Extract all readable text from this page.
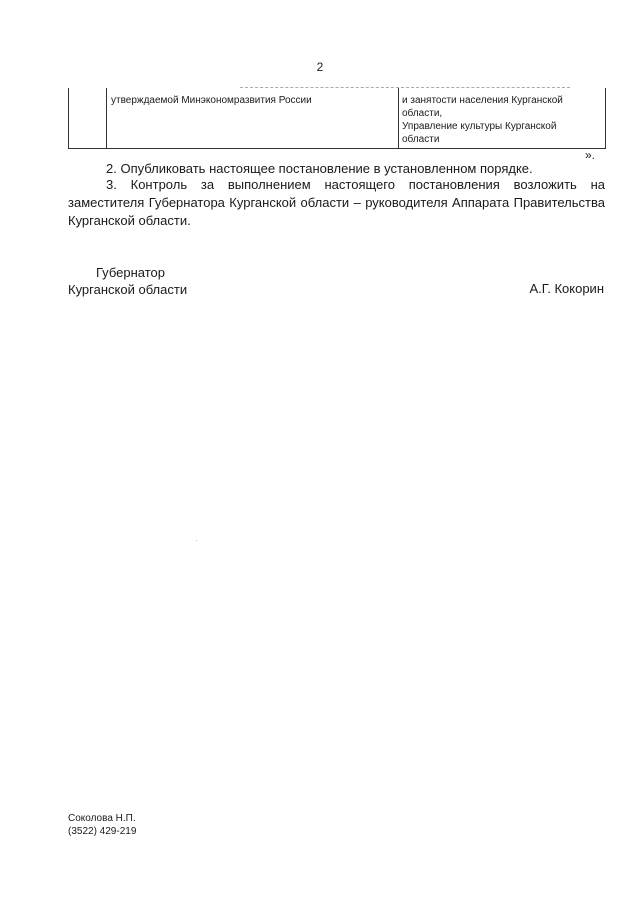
2
утверждаемой Минэкономразвития России	и занятости населения Курганской
области,
Управление культуры Курганской
области
».
2. Опубликовать настоящее постановление в установленном порядке.
3. Контроль за выполнением настоящего постановления возложить на заместителя Губернатора Курганской области – руководителя Аппарата Правительства Курганской области.
Губернатор
Курганской области	А.Г. Кокорин
Соколова Н.П.
(3522) 429-219
